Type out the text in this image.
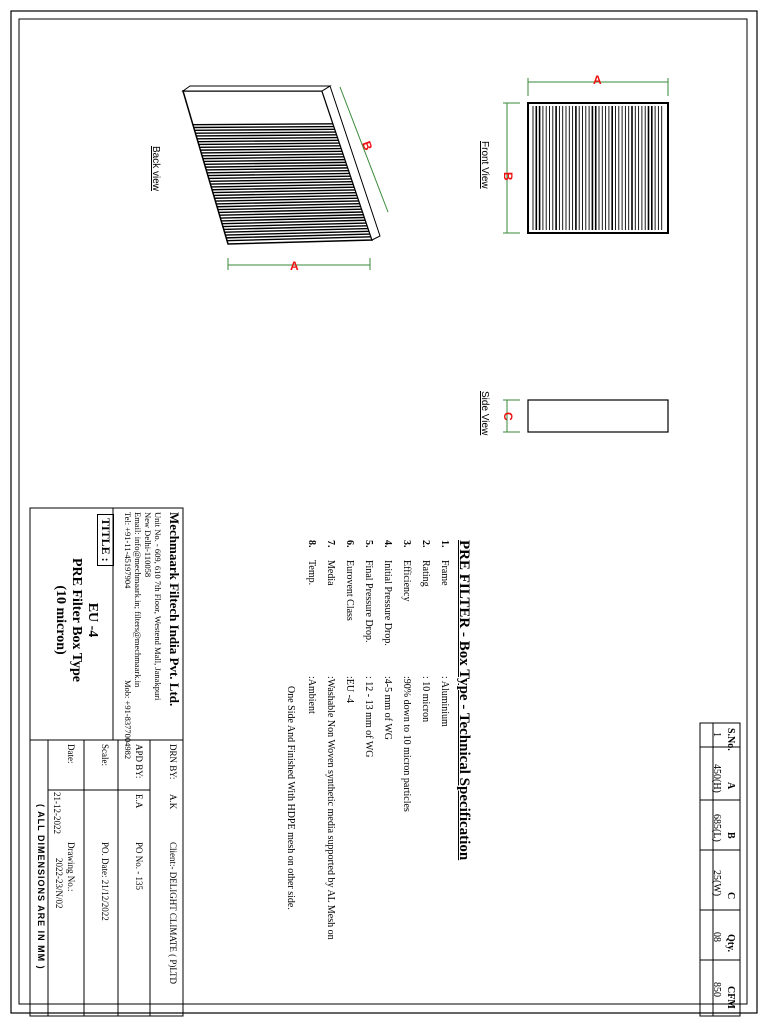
A
B
C
A
B	Front View
Side View
Back view
S.No.
A
B
C
Qty.
CFM
1
450(H)
685(L)
25(W)
08
850
PRE FILTER - Box Type - Technical Specification
1.
Frame
: Aluminium
2.
Rating
: 10 micron
3.
Efficiency
:90% down to 10 micron particles
4.
Initial Pressure Drop.
:4-5 mm of WG
5.
Final Pressure Drop.
: 12 - 13 mm of WG
6.
Eurovent Class
:EU -4
7.
Media
:Washable Non Woven synthetic media supported by AL Mesh on
8.
Temp.
:Ambient
One Side And Finished With HDPE mesh on other side.
Mechmaark Filtech India Pvt. Ltd.
Unit No. - 609, 610 7th Floor, Westend Mall, Janakpuri
New Delhi-110058
Email: info@mechmaark.in; filters@mechmaark.in
Tel: +91-11-45197904
Mob: +91-8377004982
TITLE :
EU -4
PRE Filter Box Type
(10 micron)
DRN BY:
A.K
APD BY:
E.A
Scale:
Date:
21-12-2022
Client:- DELIGHT CLIMATE ( P)LTD
PO No. - 135
PO. Date: 21/12/2022
Drawing No.:
2022-23/N/02
( ALL DIMENSIONS ARE IN MM )
